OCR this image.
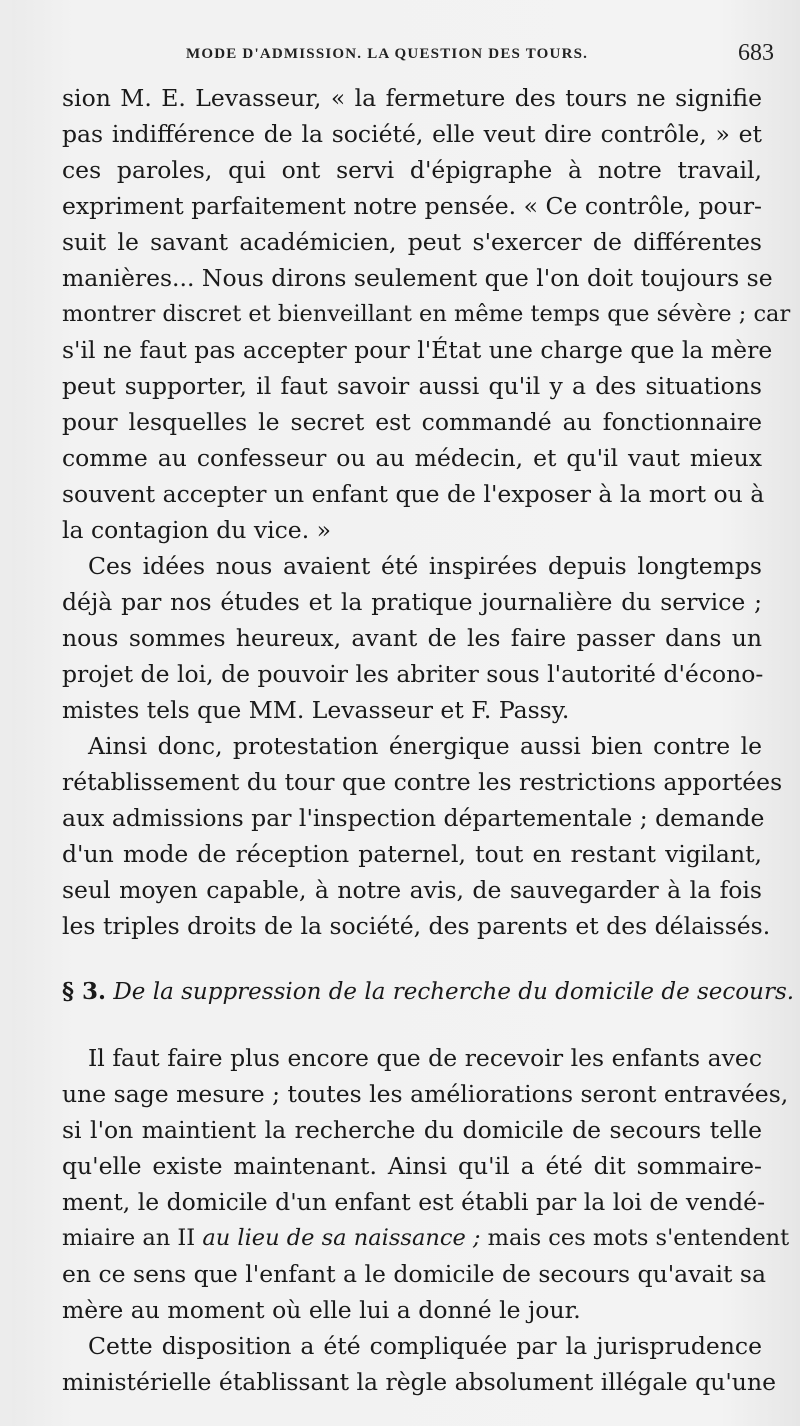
MODE D'ADMISSION. LA QUESTION DES TOURS.	683
sion M. E. Levasseur, « la fermeture des tours ne signifie
pas indifférence de la société, elle veut dire contrôle, » et
ces paroles, qui ont servi d'épigraphe à notre travail,
expriment parfaitement notre pensée. « Ce contrôle, pour-
suit le savant académicien, peut s'exercer de différentes
manières... Nous dirons seulement que l'on doit toujours se
montrer discret et bienveillant en même temps que sévère ; car
s'il ne faut pas accepter pour l'État une charge que la mère
peut supporter, il faut savoir aussi qu'il y a des situations
pour lesquelles le secret est commandé au fonctionnaire
comme au confesseur ou au médecin, et qu'il vaut mieux
souvent accepter un enfant que de l'exposer à la mort ou à
la contagion du vice. »
Ces idées nous avaient été inspirées depuis longtemps
déjà par nos études et la pratique journalière du service ;
nous sommes heureux, avant de les faire passer dans un
projet de loi, de pouvoir les abriter sous l'autorité d'écono-
mistes tels que MM. Levasseur et F. Passy.
Ainsi donc, protestation énergique aussi bien contre le
rétablissement du tour que contre les restrictions apportées
aux admissions par l'inspection départementale ; demande
d'un mode de réception paternel, tout en restant vigilant,
seul moyen capable, à notre avis, de sauvegarder à la fois
les triples droits de la société, des parents et des délaissés.
§ 3. De la suppression de la recherche du domicile de secours.
Il faut faire plus encore que de recevoir les enfants avec
une sage mesure ; toutes les améliorations seront entravées,
si l'on maintient la recherche du domicile de secours telle
qu'elle existe maintenant. Ainsi qu'il a été dit sommaire-
ment, le domicile d'un enfant est établi par la loi de vendé-
miaire an II au lieu de sa naissance ; mais ces mots s'entendent
en ce sens que l'enfant a le domicile de secours qu'avait sa
mère au moment où elle lui a donné le jour.
Cette disposition a été compliquée par la jurisprudence
ministérielle établissant la règle absolument illégale qu'une
